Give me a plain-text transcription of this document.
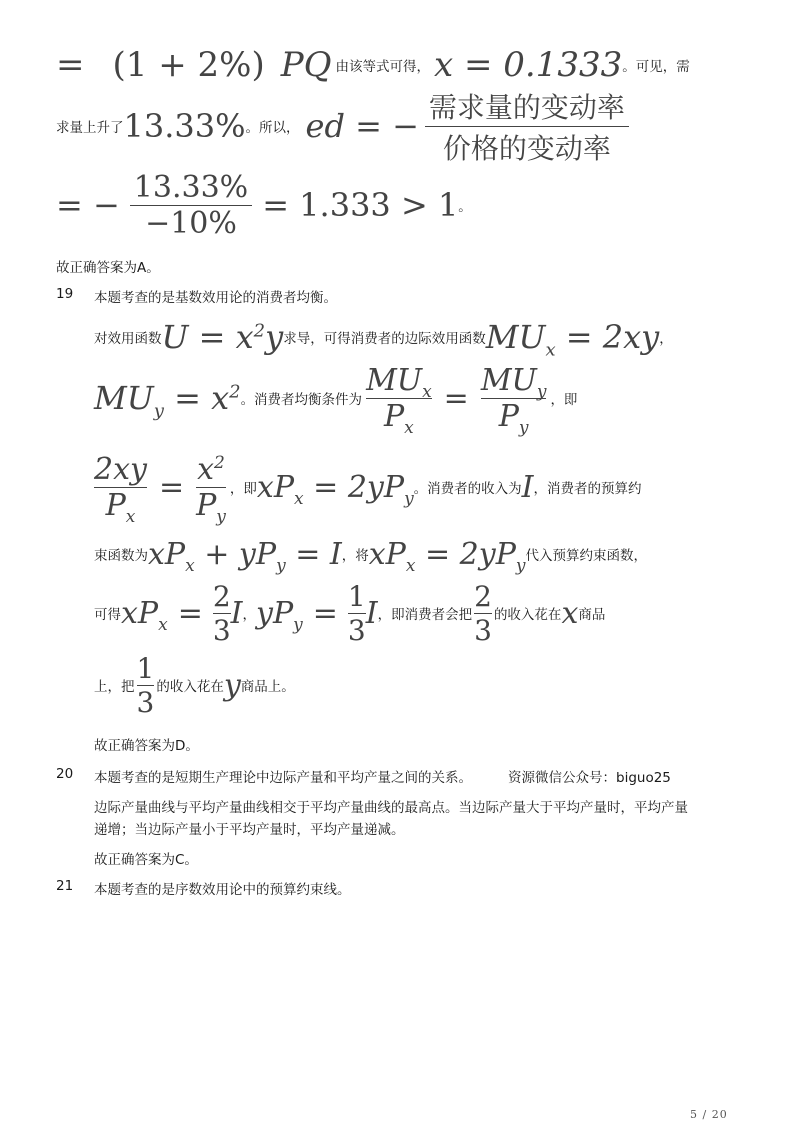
= (1 + 2%) PQ 由该等式可得， x = 0.1333 。可见，需
求量上升了 13.33% 。所以， ed = − $\frac{\text{需求量的变动率}}{\text{价格的变动率}}$
= − $\frac{13.33\%}{-10\%} = 1.333 > 1$ 。
故正确答案为A。
19 本题考查的是基数效用论的消费者均衡。
对效用函数 $U = x^2y$ 求导，可得消费者的边际效用函数 $MU_x = 2xy$ ，
$MU_y = x^2$ 。消费者均衡条件为 $\frac{MU_x}{P_x} = \frac{MU_y}{P_y}$ ，即
$\frac{2xy}{P_x} = \frac{x^2}{P_y}$ ，即 $xP_x = 2yP_y$ 。消费者的收入为 I ，消费者的预算约
束函数为 $xP_x + yP_y = I$ ，将 $xP_x = 2yP_y$ 代入预算约束函数，
可得 $xP_x = \frac{2}{3}$ I ， $yP_y = \frac{1}{3}$ I ，即消费者会把 $\frac{2}{3}$ 的收入花在 x 商品
上，把 $\frac{1}{3}$ 的收入花在 y 商品上。
故正确答案为D。
20 本题考查的是短期生产理论中边际产量和平均产量之间的关系。	资源微信公众号：biguo25
边际产量曲线与平均产量曲线相交于平均产量曲线的最高点。当边际产量大于平均产量时，平均产量
递增；当边际产量小于平均产量时，平均产量递减。
故正确答案为C。
21 本题考查的是序数效用论中的预算约束线。
5 / 20
